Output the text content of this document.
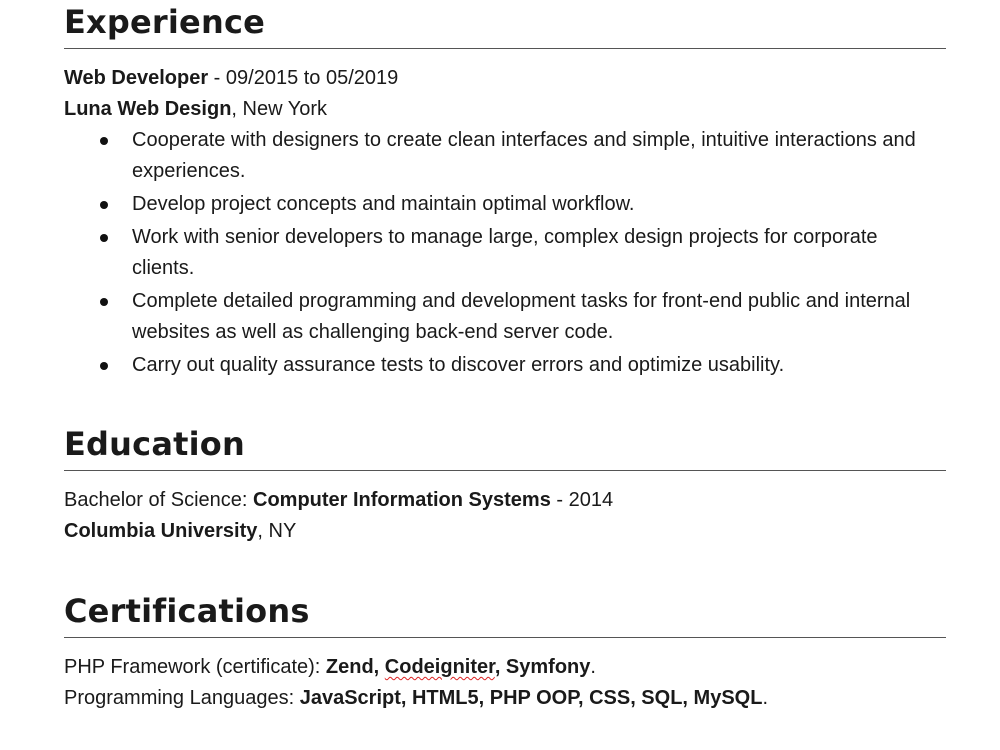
Experience
Web Developer - 09/2015 to 05/2019
Luna Web Design, New York
Cooperate with designers to create clean interfaces and simple, intuitive interactions and experiences.
Develop project concepts and maintain optimal workflow.
Work with senior developers to manage large, complex design projects for corporate clients.
Complete detailed programming and development tasks for front-end public and internal websites as well as challenging back-end server code.
Carry out quality assurance tests to discover errors and optimize usability.
Education
Bachelor of Science: Computer Information Systems - 2014
Columbia University, NY
Certifications
PHP Framework (certificate): Zend, Codeigniter, Symfony.
Programming Languages: JavaScript, HTML5, PHP OOP, CSS, SQL, MySQL.
